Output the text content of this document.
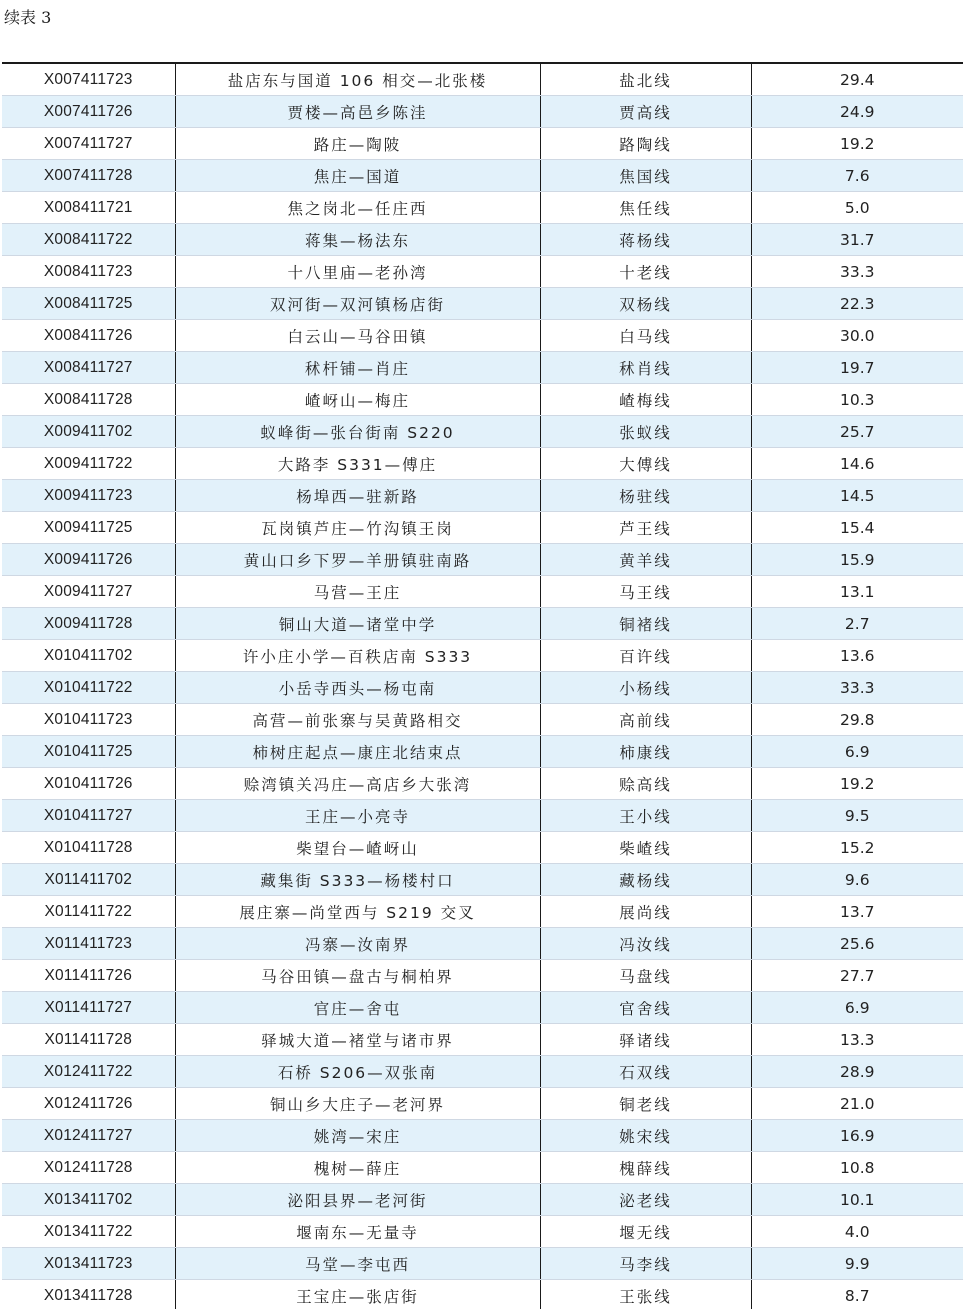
续表 3
X007411723	盐店东与国道 106 相交—北张楼	盐北线	29.4
X007411726	贾楼—高邑乡陈洼	贾高线	24.9
X007411727	路庄—陶陂	路陶线	19.2
X007411728	焦庄—国道	焦国线	7.6
X008411721	焦之岗北—任庄西	焦任线	5.0
X008411722	蒋集—杨法东	蒋杨线	31.7
X008411723	十八里庙—老孙湾	十老线	33.3
X008411725	双河街—双河镇杨店街	双杨线	22.3
X008411726	白云山—马谷田镇	白马线	30.0
X008411727	秫杆铺—肖庄	秫肖线	19.7
X008411728	嵖岈山—梅庄	嵖梅线	10.3
X009411702	蚁峰街—张台街南 S220	张蚁线	25.7
X009411722	大路李 S331—傅庄	大傅线	14.6
X009411723	杨埠西—驻新路	杨驻线	14.5
X009411725	瓦岗镇芦庄—竹沟镇王岗	芦王线	15.4
X009411726	黄山口乡下罗—羊册镇驻南路	黄羊线	15.9
X009411727	马营—王庄	马王线	13.1
X009411728	铜山大道—诸堂中学	铜褚线	2.7
X010411702	许小庄小学—百秩店南 S333	百许线	13.6
X010411722	小岳寺西头—杨屯南	小杨线	33.3
X010411723	高营—前张寨与吴黄路相交	高前线	29.8
X010411725	柿树庄起点—康庄北结束点	柿康线	6.9
X010411726	赊湾镇关冯庄—高店乡大张湾	赊高线	19.2
X010411727	王庄—小亮寺	王小线	9.5
X010411728	柴望台—嵖岈山	柴嵖线	15.2
X011411702	藏集街 S333—杨楼村口	藏杨线	9.6
X011411722	展庄寨—尚堂西与 S219 交叉	展尚线	13.7
X011411723	冯寨—汝南界	冯汝线	25.6
X011411726	马谷田镇—盘古与桐柏界	马盘线	27.7
X011411727	官庄—舍屯	官舍线	6.9
X011411728	驿城大道—褚堂与诸市界	驿诸线	13.3
X012411722	石桥 S206—双张南	石双线	28.9
X012411726	铜山乡大庄子—老河界	铜老线	21.0
X012411727	姚湾—宋庄	姚宋线	16.9
X012411728	槐树—薛庄	槐薛线	10.8
X013411702	泌阳县界—老河街	泌老线	10.1
X013411722	堰南东—无量寺	堰无线	4.0
X013411723	马堂—李屯西	马李线	9.9
X013411728	王宝庄—张店街	王张线	8.7
